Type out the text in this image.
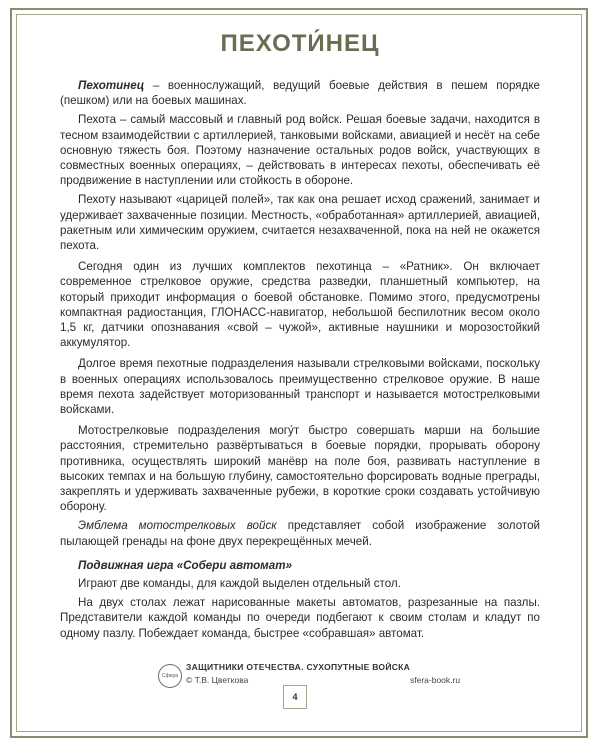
ПЕХОТИ́НЕЦ

Пехотинец – военнослужащий, ведущий боевые действия в пешем порядке (пешком) или на боевых машинах.

Пехота – самый массовый и главный род войск. Решая боевые задачи, находится в тесном взаимодействии с артиллерией, танковыми войсками, авиацией и несёт на себе основную тяжесть боя. Поэтому назначение остальных родов войск, участвующих в совместных военных операциях, – действовать в интересах пехоты, обеспечивать её продвижение в наступлении или стойкость в обороне.

Пехоту называют «царицей полей», так как она решает исход сражений, занимает и удерживает захваченные позиции. Местность, «обработанная» артиллерией, авиацией, ракетным или химическим оружием, считается незахваченной, пока на ней не окажется пехота.

Сегодня один из лучших комплектов пехотинца – «Ратник». Он включает современное стрелковое оружие, средства разведки, планшетный компьютер, на который приходит информация о боевой обстановке. Помимо этого, предусмотрены компактная радиостанция, ГЛОНАСС-навигатор, небольшой беспилотник весом около 1,5 кг, датчики опознавания «свой – чужой», активные наушники и морозостойкий аккумулятор.

Долгое время пехотные подразделения называли стрелковыми войсками, поскольку в военных операциях использовалось преимущественно стрелковое оружие. В наше время пехота задействует моторизованный транспорт и называется мотострелковыми войсками.

Мотострелковые подразделения могу́т быстро совершать марши на большие расстояния, стремительно развёртываться в боевые порядки, прорывать оборону противника, осуществлять широкий манёвр на поле боя, развивать наступление в высоких темпах и на большую глубину, самостоятельно форсировать водные преграды, закреплять и удерживать захваченные рубежи, в короткие сроки создавать устойчивую оборону.

Эмблема мотострелковых войск представляет собой изображение золотой пылающей гренады на фоне двух перекрещённых мечей.

Подвижная игра «Собери автомат»

Играют две команды, для каждой выделен отдельный стол.

На двух столах лежат нарисованные макеты автоматов, разрезанные на пазлы. Представители каждой команды по очереди подбегают к своим столам и кладут по одному пазлу. Побеждает команда, быстрее «собравшая» автомат.

Сфера
ЗАЩИТНИКИ ОТЕЧЕСТВА. СУХОПУТНЫЕ ВОЙСКА
© Т.В. Цветкова	sfera-book.ru
4
